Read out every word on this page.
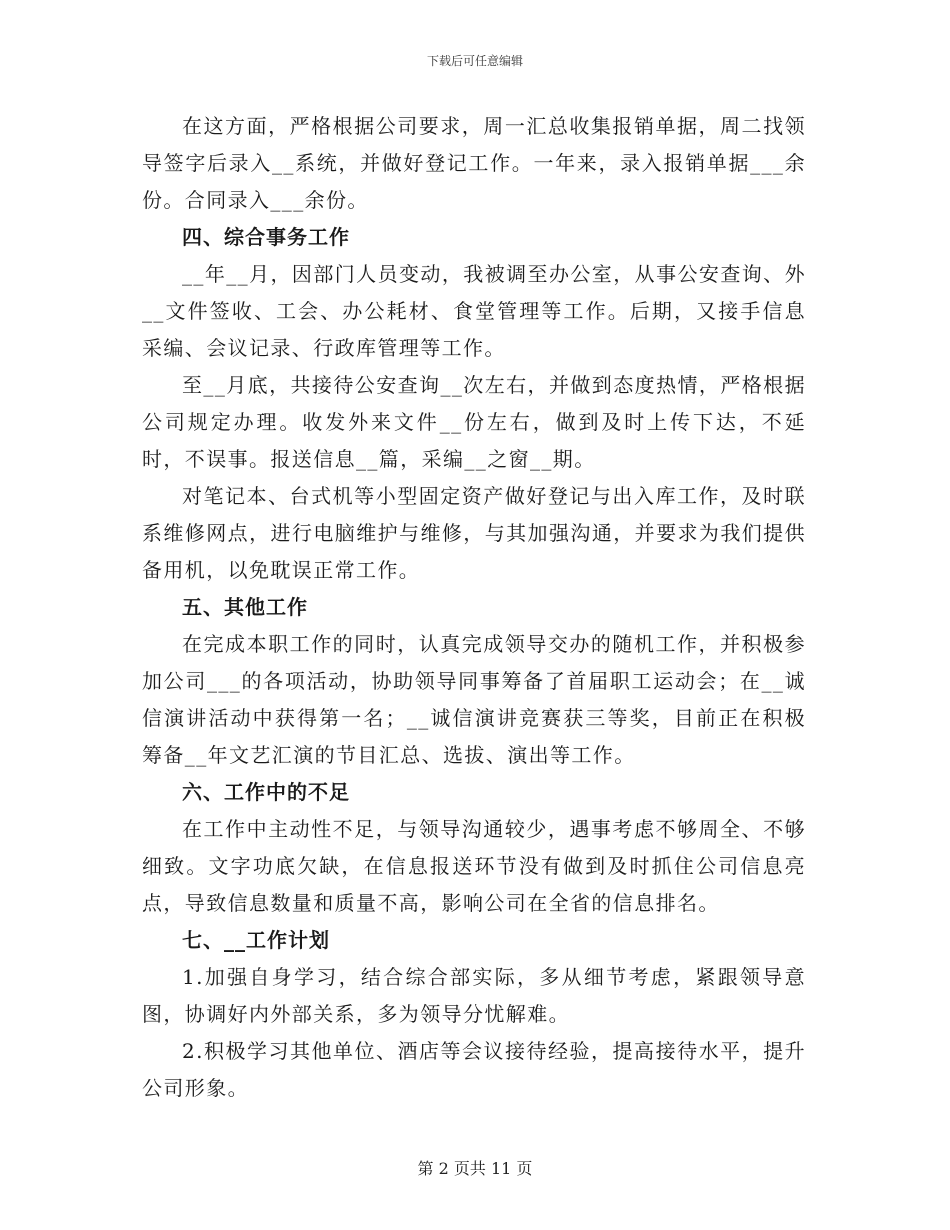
下载后可任意编辑

在这方面，严格根据公司要求，周一汇总收集报销单据，周二找领导签字后录入__系统，并做好登记工作。一年来，录入报销单据___余份。合同录入___余份。

四、综合事务工作

__年__月，因部门人员变动，我被调至办公室，从事公安查询、外__文件签收、工会、办公耗材、食堂管理等工作。后期，又接手信息采编、会议记录、行政库管理等工作。

至__月底，共接待公安查询__次左右，并做到态度热情，严格根据公司规定办理。收发外来文件__份左右，做到及时上传下达，不延时，不误事。报送信息__篇，采编__之窗__期。

对笔记本、台式机等小型固定资产做好登记与出入库工作，及时联系维修网点，进行电脑维护与维修，与其加强沟通，并要求为我们提供备用机，以免耽误正常工作。

五、其他工作

在完成本职工作的同时，认真完成领导交办的随机工作，并积极参加公司___的各项活动，协助领导同事筹备了首届职工运动会；在__诚信演讲活动中获得第一名；__诚信演讲竞赛获三等奖，目前正在积极筹备__年文艺汇演的节目汇总、选拔、演出等工作。

六、工作中的不足

在工作中主动性不足，与领导沟通较少，遇事考虑不够周全、不够细致。文字功底欠缺，在信息报送环节没有做到及时抓住公司信息亮点，导致信息数量和质量不高，影响公司在全省的信息排名。

七、__工作计划

1.加强自身学习，结合综合部实际，多从细节考虑，紧跟领导意图，协调好内外部关系，多为领导分忧解难。

2.积极学习其他单位、酒店等会议接待经验，提高接待水平，提升公司形象。

第 2 页共 11 页
